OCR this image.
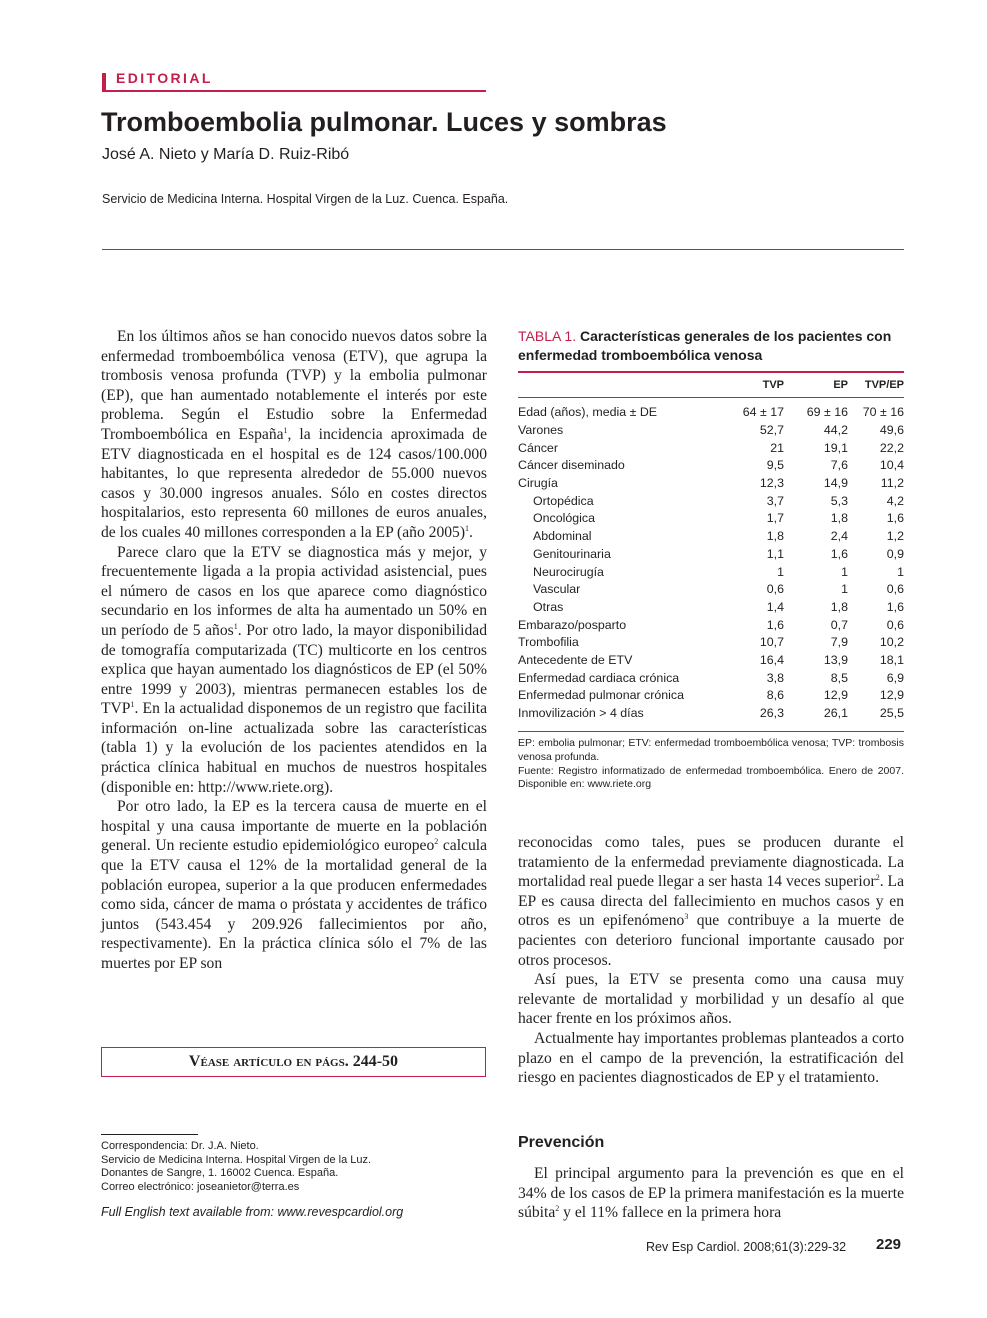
EDITORIAL
Tromboembolia pulmonar. Luces y sombras
José A. Nieto y María D. Ruiz-Ribó
Servicio de Medicina Interna. Hospital Virgen de la Luz. Cuenca. España.

En los últimos años se han conocido nuevos datos sobre la enfermedad tromboembólica venosa (ETV), que agrupa la trombosis venosa profunda (TVP) y la embolia pulmonar (EP), que han aumentado notablemente el interés por este problema. Según el Estudio sobre la Enfermedad Tromboembólica en España$^1$, la incidencia aproximada de ETV diagnosticada en el hospital es de 124 casos/100.000 habitantes, lo que representa alrededor de 55.000 nuevos casos y 30.000 ingresos anuales. Sólo en costes directos hospitalarios, esto representa 60 millones de euros anuales, de los cuales 40 millones corresponden a la EP (año 2005)$^1$.

Parece claro que la ETV se diagnostica más y mejor, y frecuentemente ligada a la propia actividad asistencial, pues el número de casos en los que aparece como diagnóstico secundario en los informes de alta ha aumentado un 50% en un período de 5 años$^1$. Por otro lado, la mayor disponibilidad de tomografía computarizada (TC) multicorte en los centros explica que hayan aumentado los diagnósticos de EP (el 50% entre 1999 y 2003), mientras permanecen estables los de TVP$^1$. En la actualidad disponemos de un registro que facilita información on-line actualizada sobre las características (tabla 1) y la evolución de los pacientes atendidos en la práctica clínica habitual en muchos de nuestros hospitales (disponible en: http://www.riete.org).

Por otro lado, la EP es la tercera causa de muerte en el hospital y una causa importante de muerte en la población general. Un reciente estudio epidemiológico europeo$^2$ calcula que la ETV causa el 12% de la mortalidad general de la población europea, superior a la que producen enfermedades como sida, cáncer de mama o próstata y accidentes de tráfico juntos (543.454 y 209.926 fallecimientos por año, respectivamente). En la práctica clínica sólo el 7% de las muertes por EP son

Véase artículo en págs. 244-50
Correspondencia: Dr. J.A. Nieto.
Servicio de Medicina Interna. Hospital Virgen de la Luz.
Donantes de Sangre, 1. 16002 Cuenca. España.
Correo electrónico: joseanietor@terra.es
Full English text available from: www.revespcardiol.org
TABLA 1. Características generales de los pacientes con enfermedad tromboembólica venosa
	TVP	EP	TVP/EP
Edad (años), media ± DE	64 ± 17	69 ± 16	70 ± 16
Varones	52,7	44,2	49,6
Cáncer	21	19,1	22,2
Cáncer diseminado	9,5	7,6	10,4
Cirugía	12,3	14,9	11,2
Ortopédica	3,7	5,3	4,2
Oncológica	1,7	1,8	1,6
Abdominal	1,8	2,4	1,2
Genitourinaria	1,1	1,6	0,9
Neurocirugía	1	1	1
Vascular	0,6	1	0,6
Otras	1,4	1,8	1,6
Embarazo/posparto	1,6	0,7	0,6
Trombofilia	10,7	7,9	10,2
Antecedente de ETV	16,4	13,9	18,1
Enfermedad cardiaca crónica	3,8	8,5	6,9
Enfermedad pulmonar crónica	8,6	12,9	12,9
Inmovilización > 4 días	26,3	26,1	25,5
EP: embolia pulmonar; ETV: enfermedad tromboembólica venosa; TVP: trombosis venosa profunda.
Fuente: Registro informatizado de enfermedad tromboembólica. Enero de 2007. Disponible en: www.riete.org

reconocidas como tales, pues se producen durante el tratamiento de la enfermedad previamente diagnosticada. La mortalidad real puede llegar a ser hasta 14 veces superior$^2$. La EP es causa directa del fallecimiento en muchos casos y en otros es un epifenómeno$^3$ que contribuye a la muerte de pacientes con deterioro funcional importante causado por otros procesos.

Así pues, la ETV se presenta como una causa muy relevante de mortalidad y morbilidad y un desafío al que hacer frente en los próximos años.

Actualmente hay importantes problemas planteados a corto plazo en el campo de la prevención, la estratificación del riesgo en pacientes diagnosticados de EP y el tratamiento.

Prevención

El principal argumento para la prevención es que en el 34% de los casos de EP la primera manifestación es la muerte súbita$^2$ y el 11% fallece en la primera hora

Rev Esp Cardiol. 2008;61(3):229-32 229
